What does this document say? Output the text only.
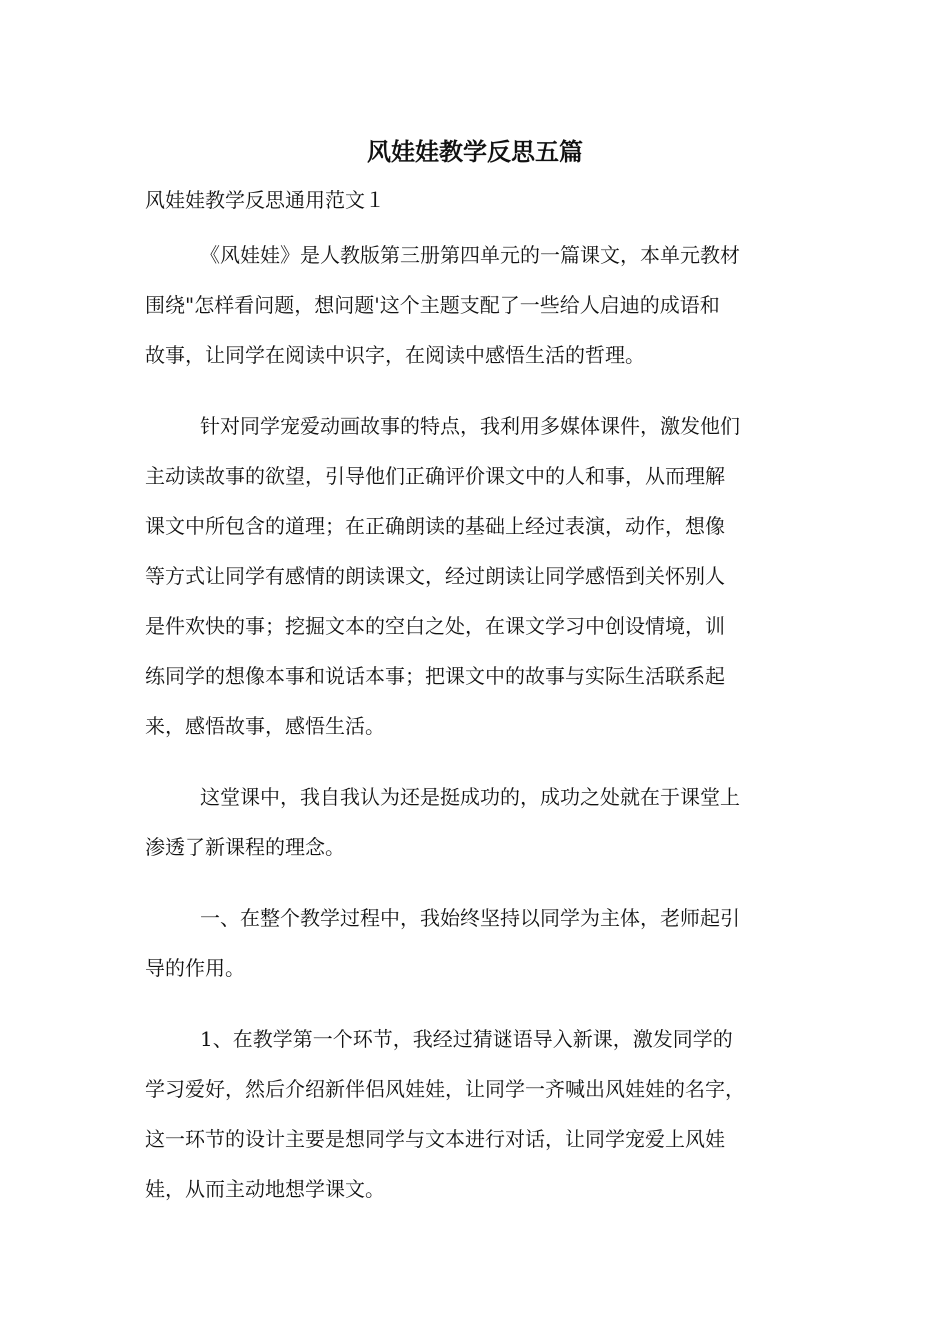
风娃娃教学反思五篇

风娃娃教学反思通用范文１

《风娃娃》是人教版第三册第四单元的一篇课文，本单元教材
围绕"怎样看问题，想问题'这个主题支配了一些给人启迪的成语和
故事，让同学在阅读中识字，在阅读中感悟生活的哲理。

针对同学宠爱动画故事的特点，我利用多媒体课件，激发他们
主动读故事的欲望，引导他们正确评价课文中的人和事，从而理解
课文中所包含的道理；在正确朗读的基础上经过表演，动作，想像
等方式让同学有感情的朗读课文，经过朗读让同学感悟到关怀别人
是件欢快的事；挖掘文本的空白之处，在课文学习中创设情境，训
练同学的想像本事和说话本事；把课文中的故事与实际生活联系起
来，感悟故事，感悟生活。

这堂课中，我自我认为还是挺成功的，成功之处就在于课堂上
渗透了新课程的理念。

一、在整个教学过程中，我始终坚持以同学为主体，老师起引
导的作用。

1、在教学第一个环节，我经过猜谜语导入新课，激发同学的
学习爱好，然后介绍新伴侣风娃娃，让同学一齐喊出风娃娃的名字，
这一环节的设计主要是想同学与文本进行对话，让同学宠爱上风娃
娃，从而主动地想学课文。
